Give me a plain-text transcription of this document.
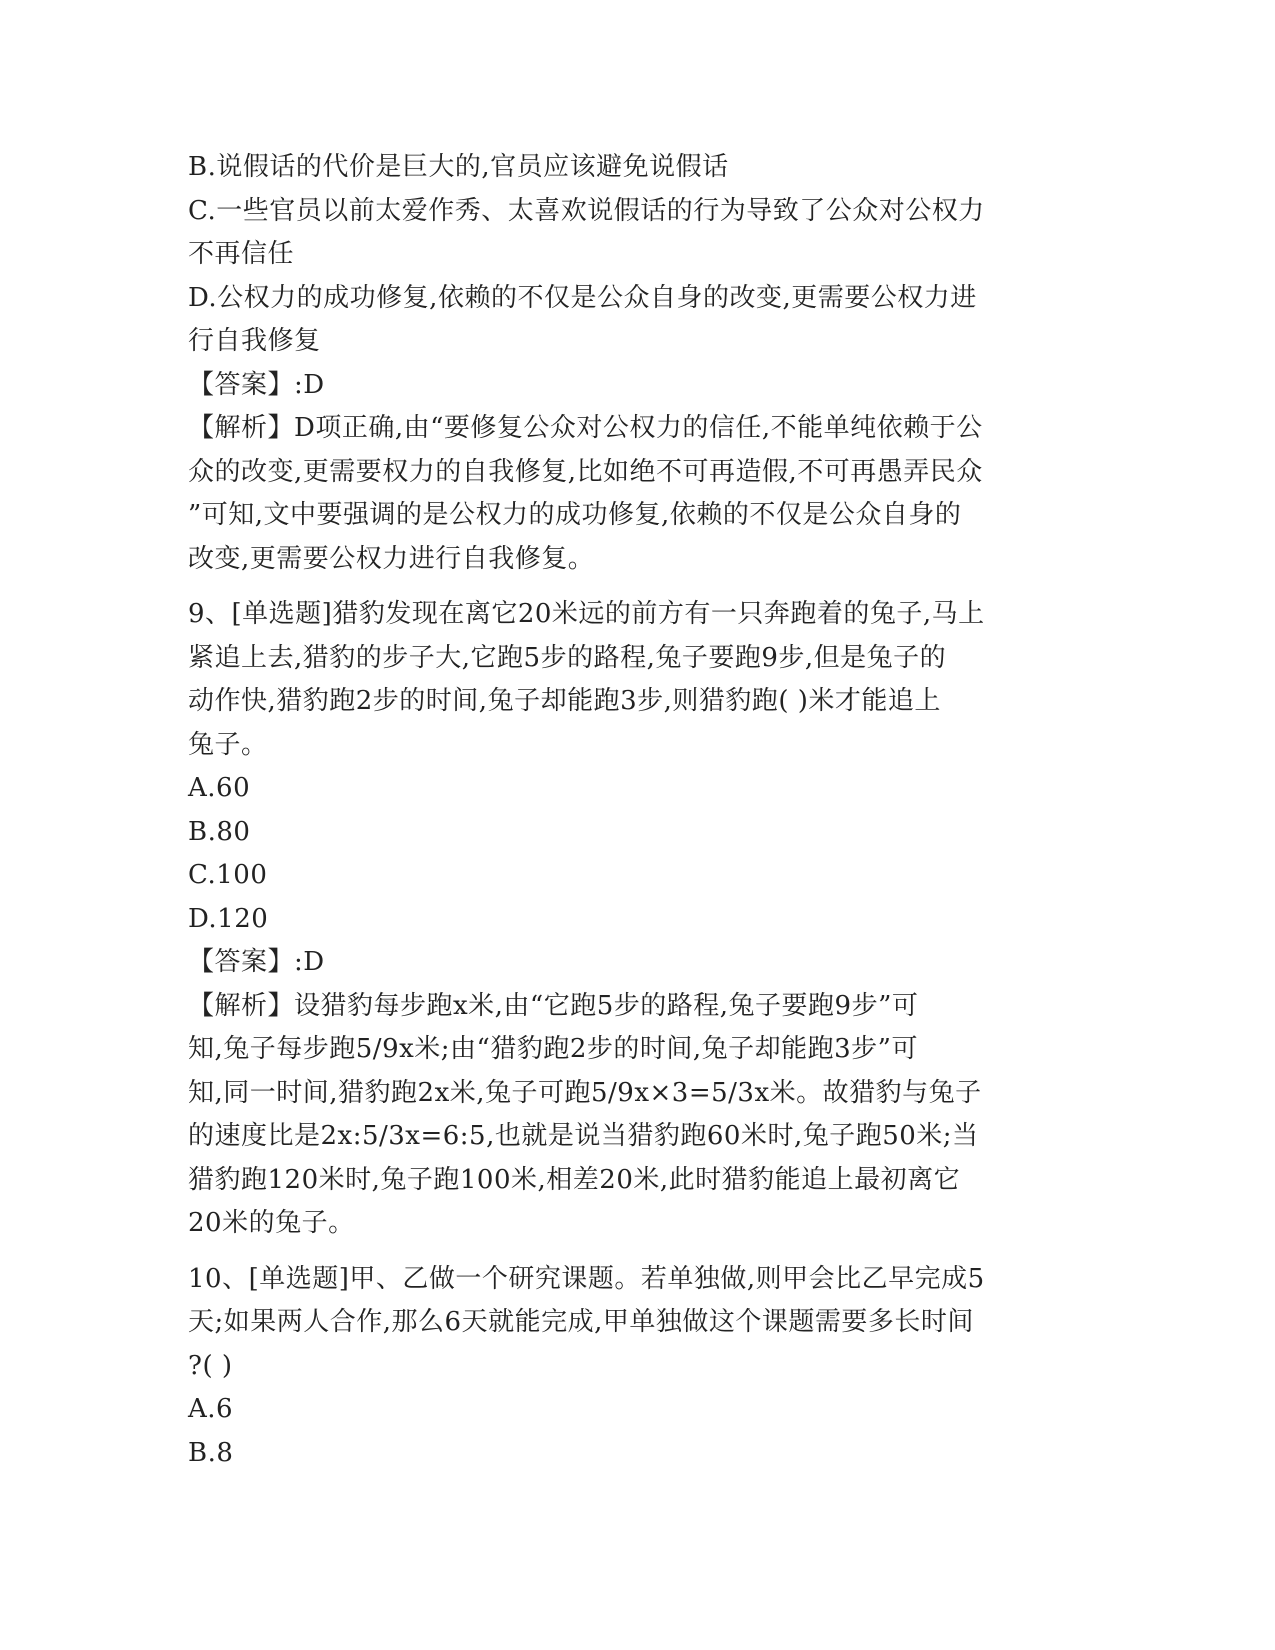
B.说假话的代价是巨大的,官员应该避免说假话
C.一些官员以前太爱作秀、太喜欢说假话的行为导致了公众对公权力
不再信任
D.公权力的成功修复,依赖的不仅是公众自身的改变,更需要公权力进
行自我修复
【答案】:D
【解析】D项正确,由“要修复公众对公权力的信任,不能单纯依赖于公
众的改变,更需要权力的自我修复,比如绝不可再造假,不可再愚弄民众
”可知,文中要强调的是公权力的成功修复,依赖的不仅是公众自身的
改变,更需要公权力进行自我修复。
9、[单选题]猎豹发现在离它20米远的前方有一只奔跑着的兔子,马上
紧追上去,猎豹的步子大,它跑5步的路程,兔子要跑9步,但是兔子的
动作快,猎豹跑2步的时间,兔子却能跑3步,则猎豹跑( )米才能追上
兔子。
A.60
B.80
C.100
D.120
【答案】:D
【解析】设猎豹每步跑x米,由“它跑5步的路程,兔子要跑9步”可
知,兔子每步跑5/9x米;由“猎豹跑2步的时间,兔子却能跑3步”可
知,同一时间,猎豹跑2x米,兔子可跑5/9x×3=5/3x米。故猎豹与兔子
的速度比是2x:5/3x=6:5,也就是说当猎豹跑60米时,兔子跑50米;当
猎豹跑120米时,兔子跑100米,相差20米,此时猎豹能追上最初离它
20米的兔子。
10、[单选题]甲、乙做一个研究课题。若单独做,则甲会比乙早完成5
天;如果两人合作,那么6天就能完成,甲单独做这个课题需要多长时间
?( )
A.6
B.8
